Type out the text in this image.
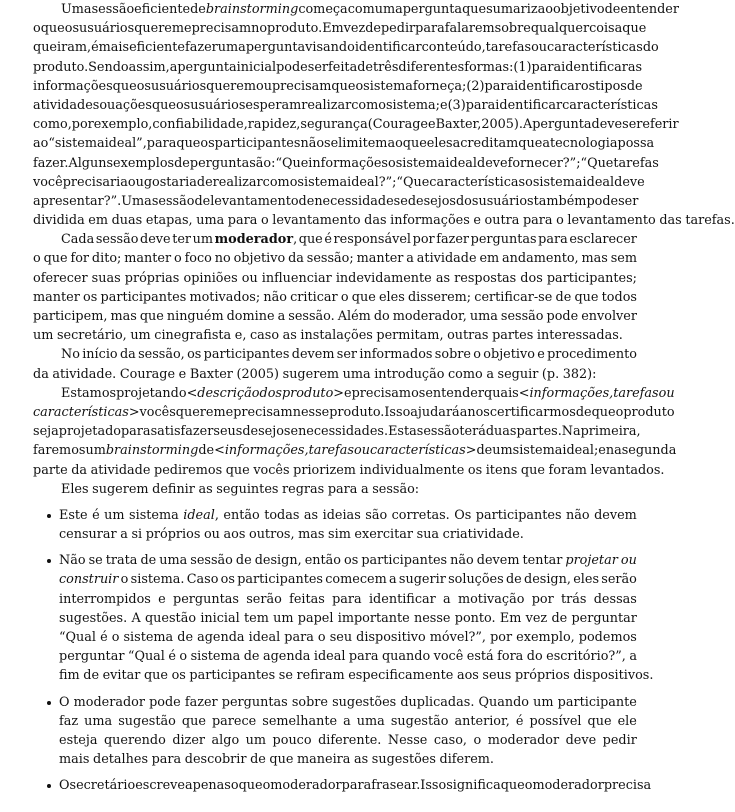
Uma sessão eficiente de brainstorming começa com uma pergunta que sumariza o objetivo de entender
o que os usuários querem e precisam no produto. Em vez de pedir para falarem sobre qualquer coisa que
queiram, é mais eficiente fazer uma pergunta visando identificar conteúdo, tarefas ou características do
produto. Sendo assim, a pergunta inicial pode ser feita de três diferentes formas: (1) para identificar as
informações que os usuários querem ou precisam que o sistema forneça; (2) para identificar os tipos de
atividades ou ações que os usuários esperam realizar com o sistema; e (3) para identificar características
como, por exemplo, confiabilidade, rapidez, segurança (Courage e Baxter, 2005). A pergunta deve se referir
ao “sistema ideal”, para que os participantes não se limitem ao que eles acreditam que a tecnologia possa
fazer. Alguns exemplos de pergunta são: “Que informações o sistema ideal deve fornecer?”; “Que tarefas
você precisaria ou gostaria de realizar com o sistema ideal?”; “Que características o sistema ideal deve
apresentar?”. Uma sessão de levantamento de necessidades e desejos dos usuários também pode ser
dividida em duas etapas, uma para o levantamento das informações e outra para o levantamento das tarefas.
Cada sessão deve ter um moderador, que é responsável por fazer perguntas para esclarecer
o que for dito; manter o foco no objetivo da sessão; manter a atividade em andamento, mas sem
oferecer suas próprias opiniões ou influenciar indevidamente as respostas dos participantes;
manter os participantes motivados; não criticar o que eles disserem; certificar-se de que todos
participem, mas que ninguém domine a sessão. Além do moderador, uma sessão pode envolver
um secretário, um cinegrafista e, caso as instalações permitam, outras partes interessadas.
No início da sessão, os participantes devem ser informados sobre o objetivo e procedimento
da atividade. Courage e Baxter (2005) sugerem uma introdução como a seguir (p. 382):
Estamos projetando <descrição dos produto> e precisamos entender quais <informações, tarefas ou
características> vocês querem e precisam nesse produto. Isso ajudará a nos certificarmos de que o produto
seja projetado para satisfazer seus desejos e necessidades. Esta sessão terá duas partes. Na primeira,
faremos um brainstorming de <informações, tarefas ou características> de um sistema ideal; e na segunda
parte da atividade pediremos que vocês priorizem individualmente os itens que foram levantados.
Eles sugerem definir as seguintes regras para a sessão:
Este é um sistema ideal, então todas as ideias são corretas. Os participantes não devem
censurar a si próprios ou aos outros, mas sim exercitar sua criatividade.
Não se trata de uma sessão de design, então os participantes não devem tentar projetar ou
construir o sistema. Caso os participantes comecem a sugerir soluções de design, eles serão
interrompidos e perguntas serão feitas para identificar a motivação por trás dessas
sugestões. A questão inicial tem um papel importante nesse ponto. Em vez de perguntar
“Qual é o sistema de agenda ideal para o seu dispositivo móvel?”, por exemplo, podemos
perguntar “Qual é o sistema de agenda ideal para quando você está fora do escritório?”, a
fim de evitar que os participantes se refiram especificamente aos seus próprios dispositivos.
O moderador pode fazer perguntas sobre sugestões duplicadas. Quando um participante
faz uma sugestão que parece semelhante a uma sugestão anterior, é possível que ele
esteja querendo dizer algo um pouco diferente. Nesse caso, o moderador deve pedir
mais detalhes para descobrir de que maneira as sugestões diferem.
O secretário escreve apenas o que o moderador parafrasear. Isso significa que o moderador precisa
